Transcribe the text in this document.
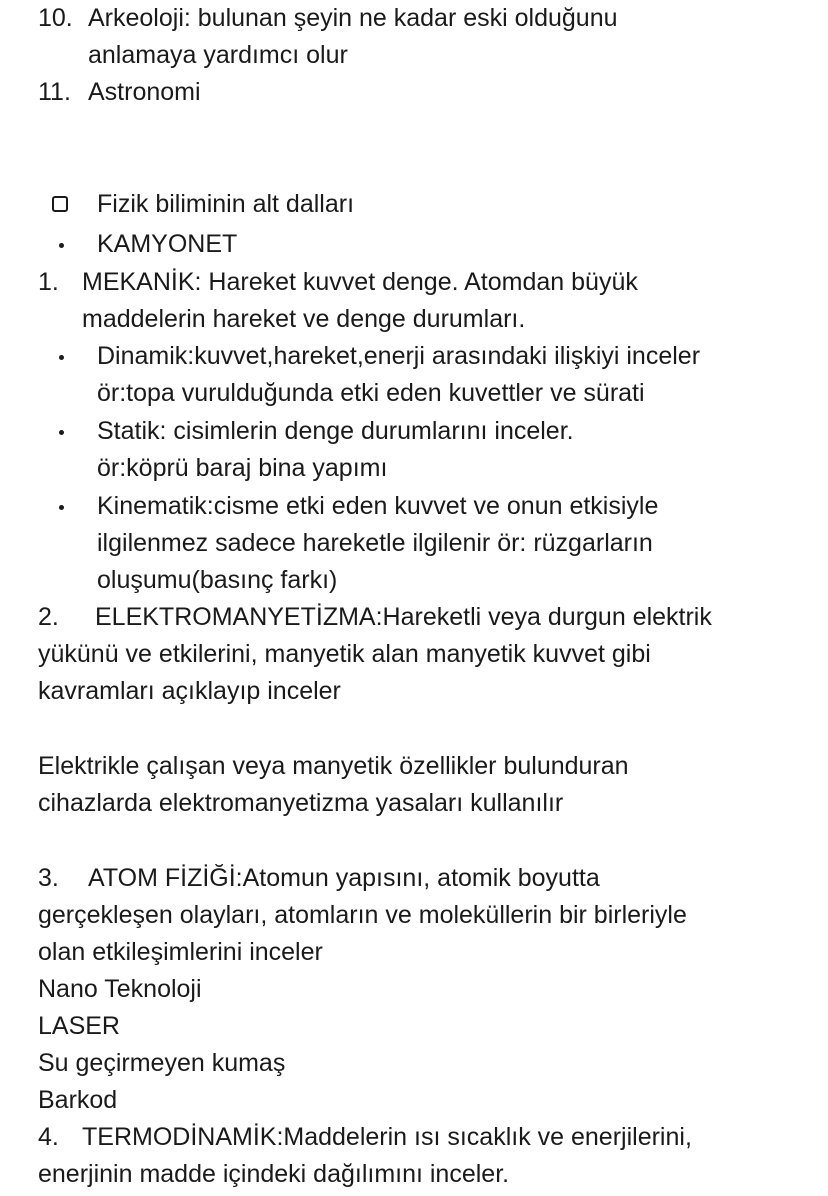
10. Arkeoloji: bulunan şeyin ne kadar eski olduğunu
anlamaya yardımcı olur
11. Astronomi
Fizik biliminin alt dalları
KAMYONET
1. MEKANİK: Hareket kuvvet denge. Atomdan büyük
maddelerin hareket ve denge durumları.
Dinamik:kuvvet,hareket,enerji arasındaki ilişkiyi inceler
ör:topa vurulduğunda etki eden kuvettler ve sürati
Statik: cisimlerin denge durumlarını inceler.
ör:köprü baraj bina yapımı
Kinematik:cisme etki eden kuvvet ve onun etkisiyle
ilgilenmez sadece hareketle ilgilenir ör: rüzgarların
oluşumu(basınç farkı)
2. ELEKTROMANYETİZMA:Hareketli veya durgun elektrik
yükünü ve etkilerini, manyetik alan manyetik kuvvet gibi
kavramları açıklayıp inceler
Elektrikle çalışan veya manyetik özellikler bulunduran
cihazlarda elektromanyetizma yasaları kullanılır
3. ATOM FİZİĞİ:Atomun yapısını, atomik boyutta
gerçekleşen olayları, atomların ve moleküllerin bir birleriyle
olan etkileşimlerini inceler
Nano Teknoloji
LASER
Su geçirmeyen kumaş
Barkod
4. TERMODİNAMİK:Maddelerin ısı sıcaklık ve enerjilerini,
enerjinin madde içindeki dağılımını inceler.
